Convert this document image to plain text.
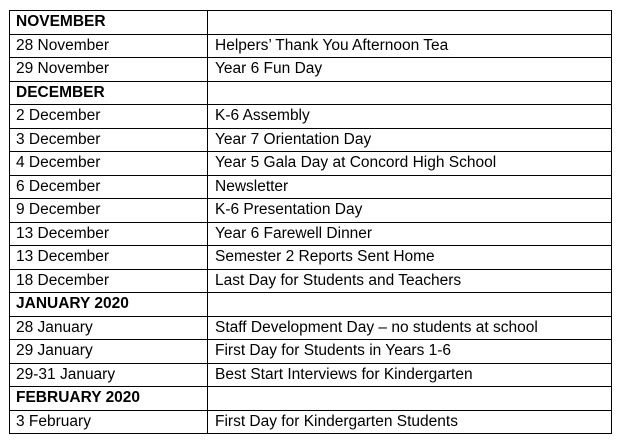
NOVEMBER	
28 November	Helpers’ Thank You Afternoon Tea
29 November	Year 6 Fun Day
DECEMBER	
2 December	K-6 Assembly
3 December	Year 7 Orientation Day
4 December	Year 5 Gala Day at Concord High School
6 December	Newsletter
9 December	K-6 Presentation Day
13 December	Year 6 Farewell Dinner
13 December	Semester 2 Reports Sent Home
18 December	Last Day for Students and Teachers
JANUARY 2020	
28 January	Staff Development Day – no students at school
29 January	First Day for Students in Years 1-6
29-31 January	Best Start Interviews for Kindergarten
FEBRUARY 2020	
3 February	First Day for Kindergarten Students
